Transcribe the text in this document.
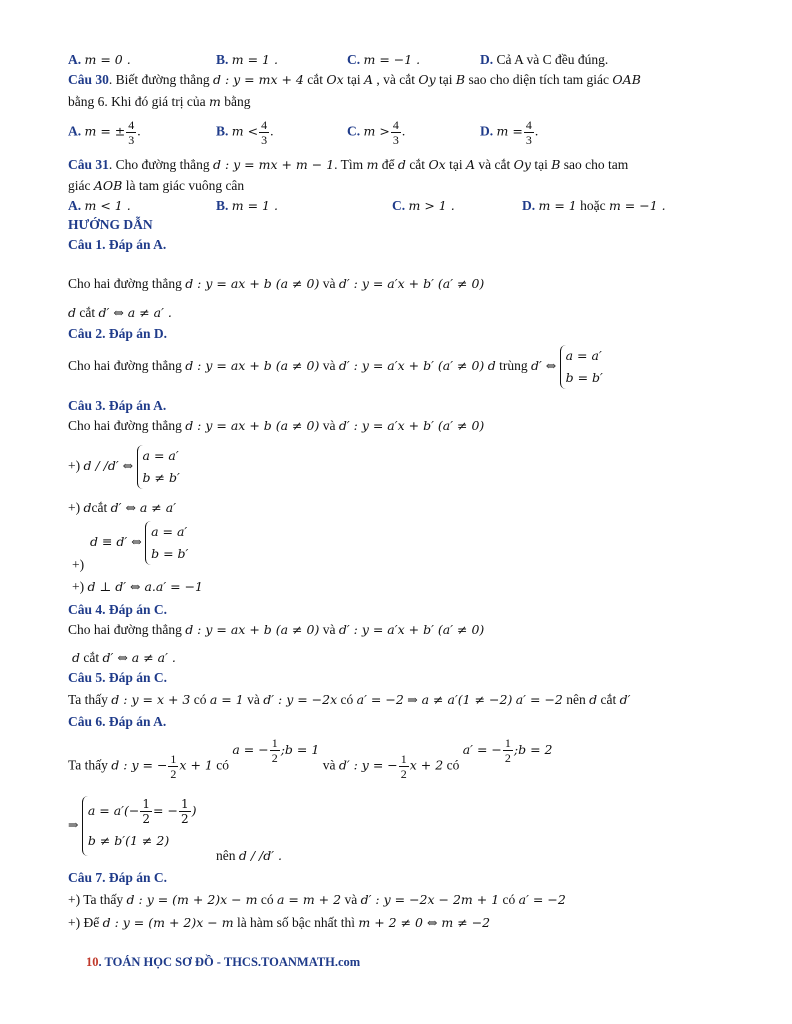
A. m = 0 .	B. m = 1 .	C. m = −1 .	D. Cả A và C đều đúng.
Câu 30. Biết đường thẳng d : y = mx + 4 cắt Ox tại A , và cắt Oy tại B sao cho diện tích tam giác OAB
bằng 6. Khi đó giá trị của m bằng
A. m = ± $\frac{4}{3}$ .	B. $m < \frac{4}{3}$ .	C. $m > \frac{4}{3}$ .	D. $m = \frac{4}{3}$ .
Câu 31. Cho đường thẳng d : y = mx + m − 1. Tìm m để d cắt Ox tại A và cắt Oy tại B sao cho tam
giác AOB là tam giác vuông cân
A. m < 1 .	B. m = 1 .	C. m > 1 .	D. m = 1 hoặc m = −1 .
HƯỚNG DẪN
Câu 1. Đáp án A.
Cho hai đường thẳng d : y = ax + b (a ≠ 0) và d′ : y = a′x + b′ (a′ ≠ 0)
d cắt d′ ⇔ a ≠ a′ .
Câu 2. Đáp án D.
Cho hai đường thẳng d : y = ax + b (a ≠ 0) và d′ : y = a′x + b′ (a′ ≠ 0) d trùng d′ ⇔
a = a′
b = b′
Câu 3. Đáp án A.
Cho hai đường thẳng d : y = ax + b (a ≠ 0) và d′ : y = a′x + b′ (a′ ≠ 0)
+) d / /d′ ⇔
a = a′
b ≠ b′
+) dcắt d′ ⇔ a ≠ a′
d ≡ d′ ⇔
a = a′
b = b′
+)
+) d ⊥ d′ ⇔ a.a′ = −1
Câu 4. Đáp án C.
Cho hai đường thẳng d : y = ax + b (a ≠ 0) và d′ : y = a′x + b′ (a′ ≠ 0)
d cắt d′ ⇔ a ≠ a′ .
Câu 5. Đáp án C.
Ta thấy d : y = x + 3 có a = 1 và d′ : y = −2x có a′ = −2 ⇒ a ≠ a′(1 ≠ −2) a′ = −2 nên d cắt d′
Câu 6. Đáp án A.
Ta thấy d : y = − $\frac{1}{2}$ x + 1 có a = − $\frac{1}{2}$ ;b = 1 và d′ : y = − $\frac{1}{2}$ x + 2 có a′ = − $\frac{1}{2}$ ;b = 2
⇒
$a = a'(- \frac{1}{2}$ = − $\frac{1}{2}$ )
b ≠ b′(1 ≠ 2)
nên d / /d′ .
Câu 7. Đáp án C.
+) Ta thấy d : y = (m + 2)x − m có a = m + 2 và d′ : y = −2x − 2m + 1 có a′ = −2
+) Để d : y = (m + 2)x − m là hàm số bậc nhất thì m + 2 ≠ 0 ⇔ m ≠ −2
10. TOÁN HỌC SƠ ĐỒ - THCS.TOANMATH.com
